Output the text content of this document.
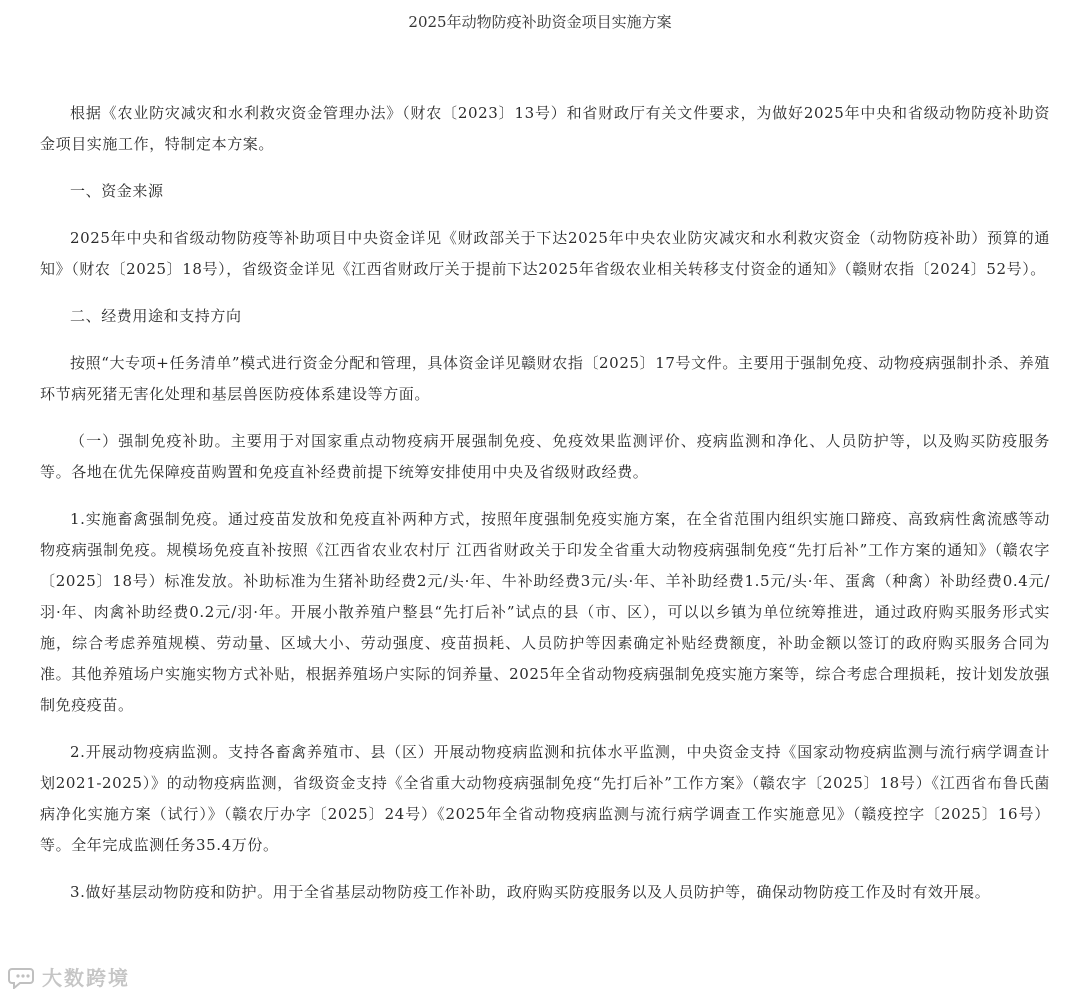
2025年动物防疫补助资金项目实施方案

根据《农业防灾减灾和水利救灾资金管理办法》（财农〔2023〕13号）和省财政厅有关文件要求，为做好2025年中央和省级动物防疫补助资金项目实施工作，特制定本方案。

一、资金来源

2025年中央和省级动物防疫等补助项目中央资金详见《财政部关于下达2025年中央农业防灾减灾和水利救灾资金（动物防疫补助）预算的通知》（财农〔2025〕18号），省级资金详见《江西省财政厅关于提前下达2025年省级农业相关转移支付资金的通知》（赣财农指〔2024〕52号）。

二、经费用途和支持方向

按照“大专项+任务清单”模式进行资金分配和管理，具体资金详见赣财农指〔2025〕17号文件。主要用于强制免疫、动物疫病强制扑杀、养殖环节病死猪无害化处理和基层兽医防疫体系建设等方面。

（一）强制免疫补助。主要用于对国家重点动物疫病开展强制免疫、免疫效果监测评价、疫病监测和净化、人员防护等，以及购买防疫服务等。各地在优先保障疫苗购置和免疫直补经费前提下统筹安排使用中央及省级财政经费。

1.实施畜禽强制免疫。通过疫苗发放和免疫直补两种方式，按照年度强制免疫实施方案，在全省范围内组织实施口蹄疫、高致病性禽流感等动物疫病强制免疫。规模场免疫直补按照《江西省农业农村厅 江西省财政关于印发全省重大动物疫病强制免疫“先打后补”工作方案的通知》（赣农字〔2025〕18号）标准发放。补助标准为生猪补助经费2元/头·年、牛补助经费3元/头·年、羊补助经费1.5元/头·年、蛋禽（种禽）补助经费0.4元/羽·年、肉禽补助经费0.2元/羽·年。开展小散养殖户整县“先打后补”试点的县（市、区），可以以乡镇为单位统筹推进，通过政府购买服务形式实施，综合考虑养殖规模、劳动量、区域大小、劳动强度、疫苗损耗、人员防护等因素确定补贴经费额度，补助金额以签订的政府购买服务合同为准。其他养殖场户实施实物方式补贴，根据养殖场户实际的饲养量、2025年全省动物疫病强制免疫实施方案等，综合考虑合理损耗，按计划发放强制免疫疫苗。

2.开展动物疫病监测。支持各畜禽养殖市、县（区）开展动物疫病监测和抗体水平监测，中央资金支持《国家动物疫病监测与流行病学调查计划2021-2025）》的动物疫病监测，省级资金支持《全省重大动物疫病强制免疫“先打后补”工作方案》（赣农字〔2025〕18号）《江西省布鲁氏菌病净化实施方案（试行）》（赣农厅办字〔2025〕24号）《2025年全省动物疫病监测与流行病学调查工作实施意见》（赣疫控字〔2025〕16号）等。全年完成监测任务35.4万份。

3.做好基层动物防疫和防护。用于全省基层动物防疫工作补助，政府购买防疫服务以及人员防护等，确保动物防疫工作及时有效开展。

大数跨境
